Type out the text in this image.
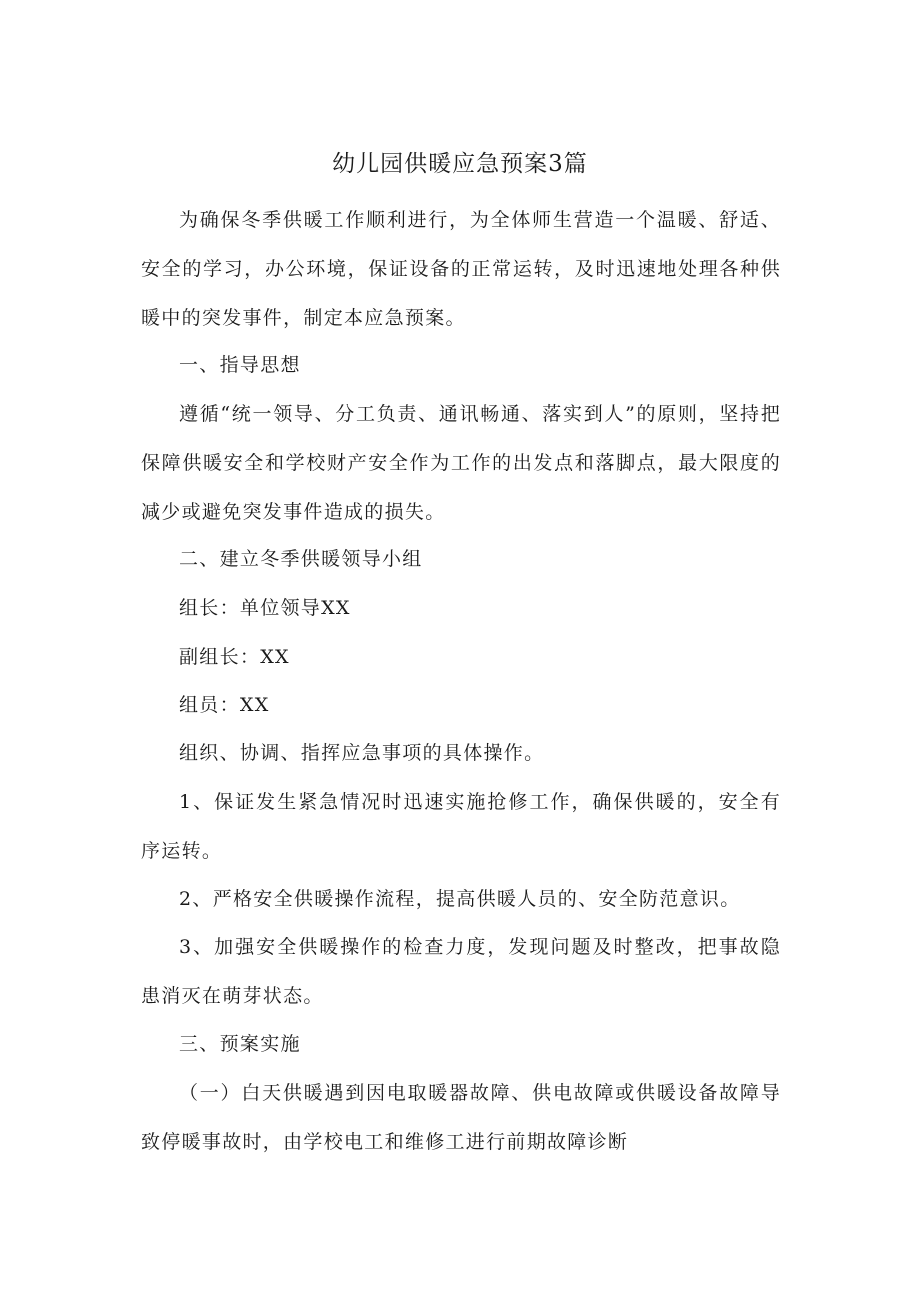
幼儿园供暖应急预案3篇

为确保冬季供暖工作顺利进行，为全体师生营造一个温暖、舒适、安全的学习，办公环境，保证设备的正常运转，及时迅速地处理各种供暖中的突发事件，制定本应急预案。

一、指导思想

遵循“统一领导、分工负责、通讯畅通、落实到人”的原则，坚持把保障供暖安全和学校财产安全作为工作的出发点和落脚点，最大限度的减少或避免突发事件造成的损失。

二、建立冬季供暖领导小组

组长：单位领导XX

副组长：XX

组员：XX

组织、协调、指挥应急事项的具体操作。

1、保证发生紧急情况时迅速实施抢修工作，确保供暖的，安全有序运转。

2、严格安全供暖操作流程，提高供暖人员的、安全防范意识。

3、加强安全供暖操作的检查力度，发现问题及时整改，把事故隐患消灭在萌芽状态。

三、预案实施

（一）白天供暖遇到因电取暖器故障、供电故障或供暖设备故障导致停暖事故时，由学校电工和维修工进行前期故障诊断
